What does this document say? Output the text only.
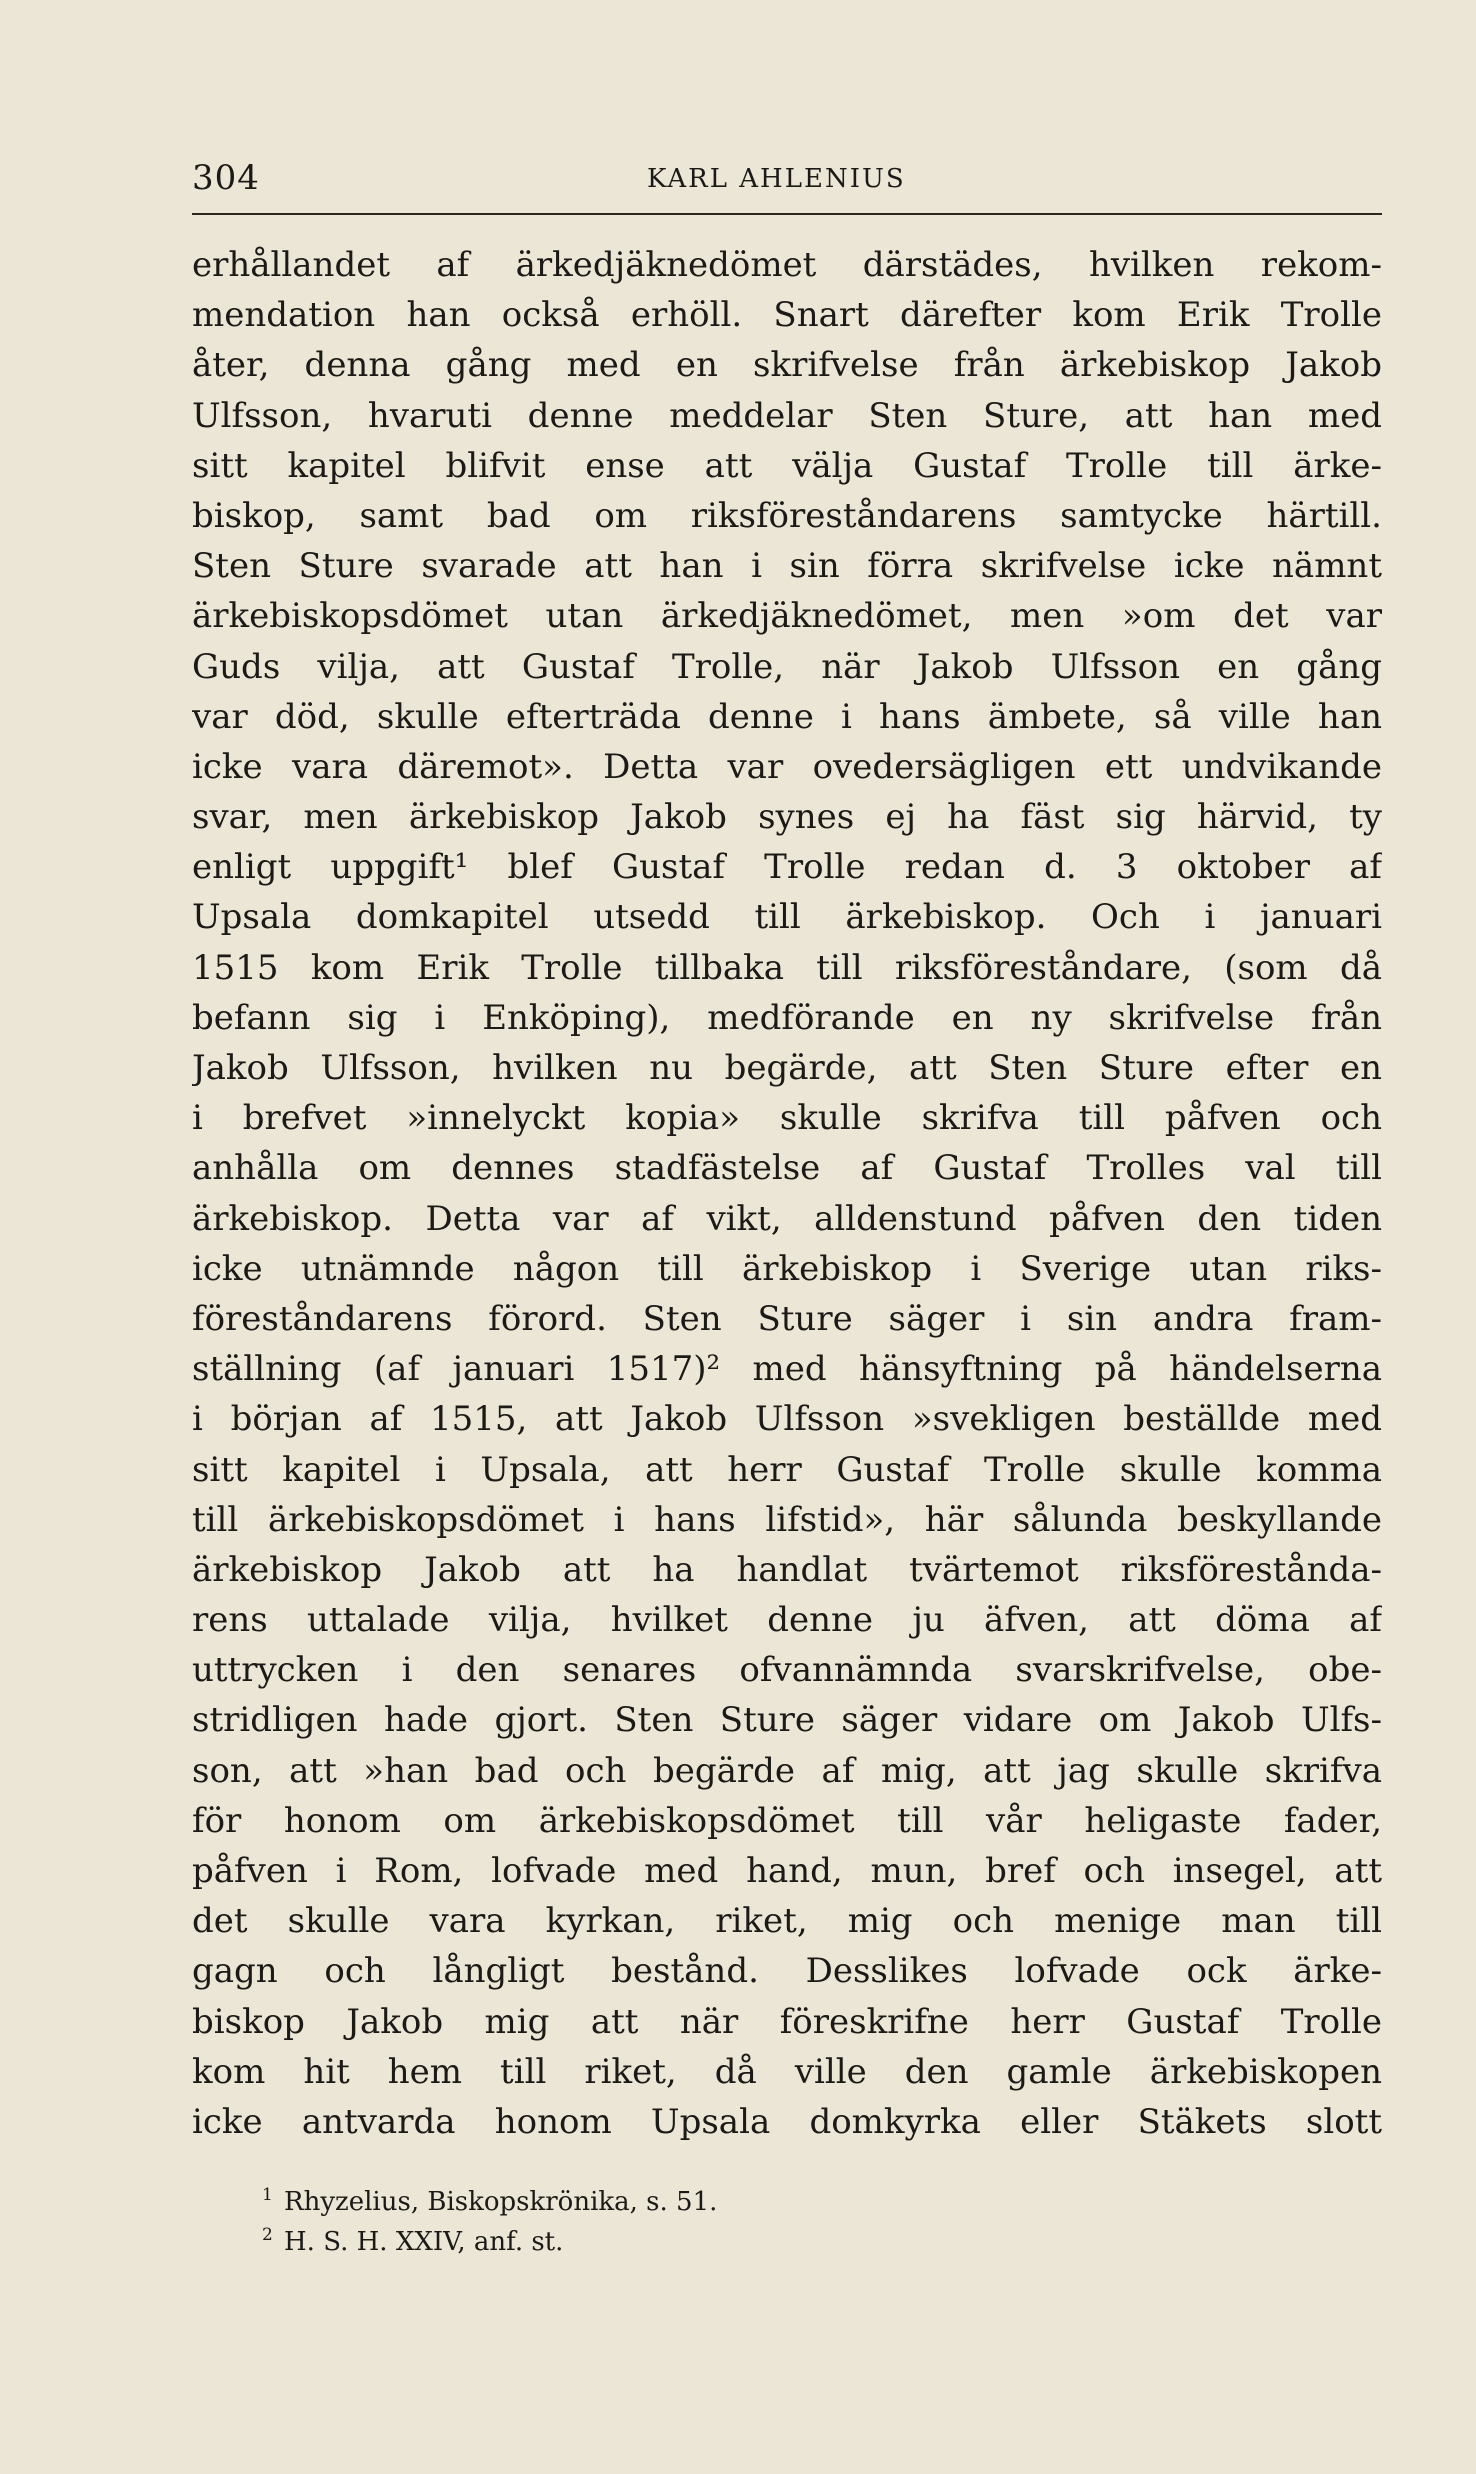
304	KARL AHLENIUS
erhållandet af ärkedjäknedömet därstädes, hvilken rekom-
mendation han också erhöll. Snart därefter kom Erik Trolle
åter, denna gång med en skrifvelse från ärkebiskop Jakob
Ulfsson, hvaruti denne meddelar Sten Sture, att han med
sitt kapitel blifvit ense att välja Gustaf Trolle till ärke-
biskop, samt bad om riksföreståndarens samtycke härtill.
Sten Sture svarade att han i sin förra skrifvelse icke nämnt
ärkebiskopsdömet utan ärkedjäknedömet, men »om det var
Guds vilja, att Gustaf Trolle, när Jakob Ulfsson en gång
var död, skulle efterträda denne i hans ämbete, så ville han
icke vara däremot». Detta var ovedersägligen ett undvikande
svar, men ärkebiskop Jakob synes ej ha fäst sig härvid, ty
enligt uppgift¹ blef Gustaf Trolle redan d. 3 oktober af
Upsala domkapitel utsedd till ärkebiskop. Och i januari
1515 kom Erik Trolle tillbaka till riksföreståndare, (som då
befann sig i Enköping), medförande en ny skrifvelse från
Jakob Ulfsson, hvilken nu begärde, att Sten Sture efter en
i brefvet »innelyckt kopia» skulle skrifva till påfven och
anhålla om dennes stadfästelse af Gustaf Trolles val till
ärkebiskop. Detta var af vikt, alldenstund påfven den tiden
icke utnämnde någon till ärkebiskop i Sverige utan riks-
föreståndarens förord. Sten Sture säger i sin andra fram-
ställning (af januari 1517)² med hänsyftning på händelserna
i början af 1515, att Jakob Ulfsson »svekligen beställde med
sitt kapitel i Upsala, att herr Gustaf Trolle skulle komma
till ärkebiskopsdömet i hans lifstid», här sålunda beskyllande
ärkebiskop Jakob att ha handlat tvärtemot riksförestånda-
rens uttalade vilja, hvilket denne ju äfven, att döma af
uttrycken i den senares ofvannämnda svarskrifvelse, obe-
stridligen hade gjort. Sten Sture säger vidare om Jakob Ulfs-
son, att »han bad och begärde af mig, att jag skulle skrifva
för honom om ärkebiskopsdömet till vår heligaste fader,
påfven i Rom, lofvade med hand, mun, bref och insegel, att
det skulle vara kyrkan, riket, mig och menige man till
gagn och långligt bestånd. Desslikes lofvade ock ärke-
biskop Jakob mig att när föreskrifne herr Gustaf Trolle
kom hit hem till riket, då ville den gamle ärkebiskopen
icke antvarda honom Upsala domkyrka eller Stäkets slott
1 Rhyzelius, Biskopskrönika, s. 51.
2 H. S. H. XXIV, anf. st.
